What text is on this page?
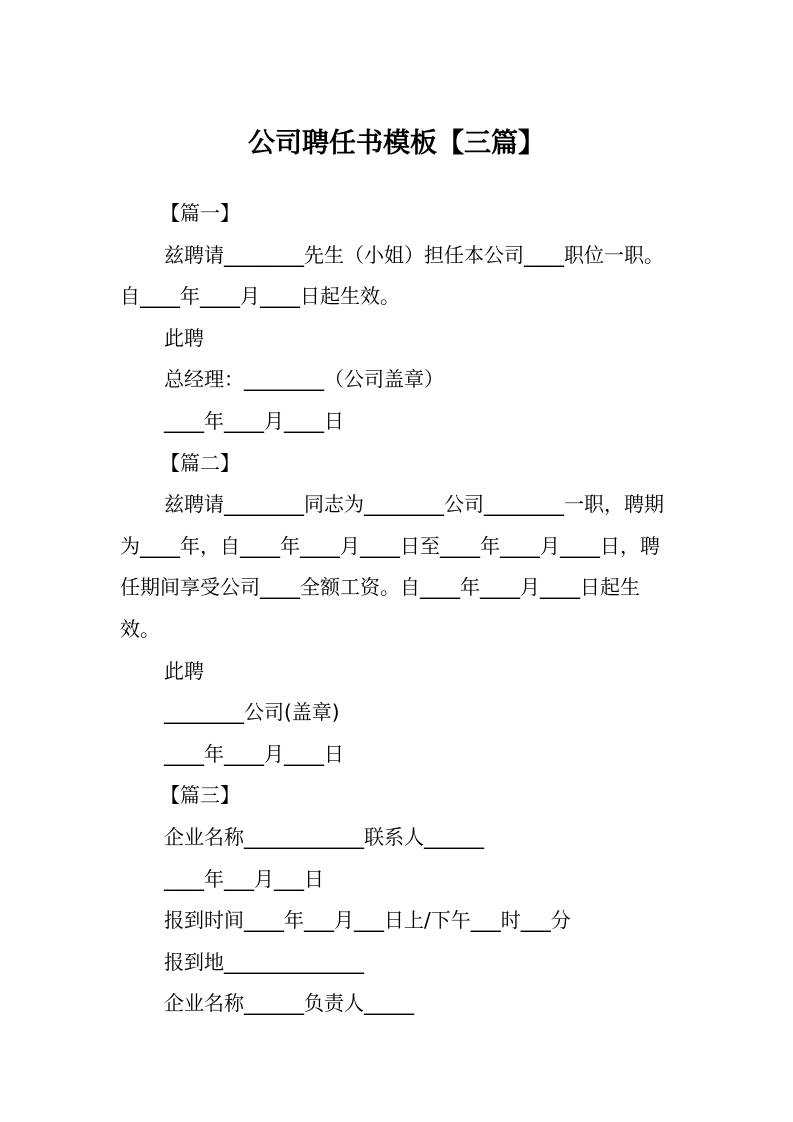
公司聘任书模板【三篇】

【篇一】

兹聘请________先生（小姐）担任本公司____职位一职。自____年____月____日起生效。

此聘

总经理：________（公司盖章）

____年____月____日

【篇二】

兹聘请________同志为________公司________一职，聘期为____年，自____年____月____日至____年____月____日，聘任期间享受公司____全额工资。自____年____月____日起生效。

此聘

________公司(盖章)

____年____月____日

【篇三】

企业名称____________联系人______

____年___月___日

报到时间____年___月___日上/下午___时___分

报到地______________

企业名称______负责人_____
